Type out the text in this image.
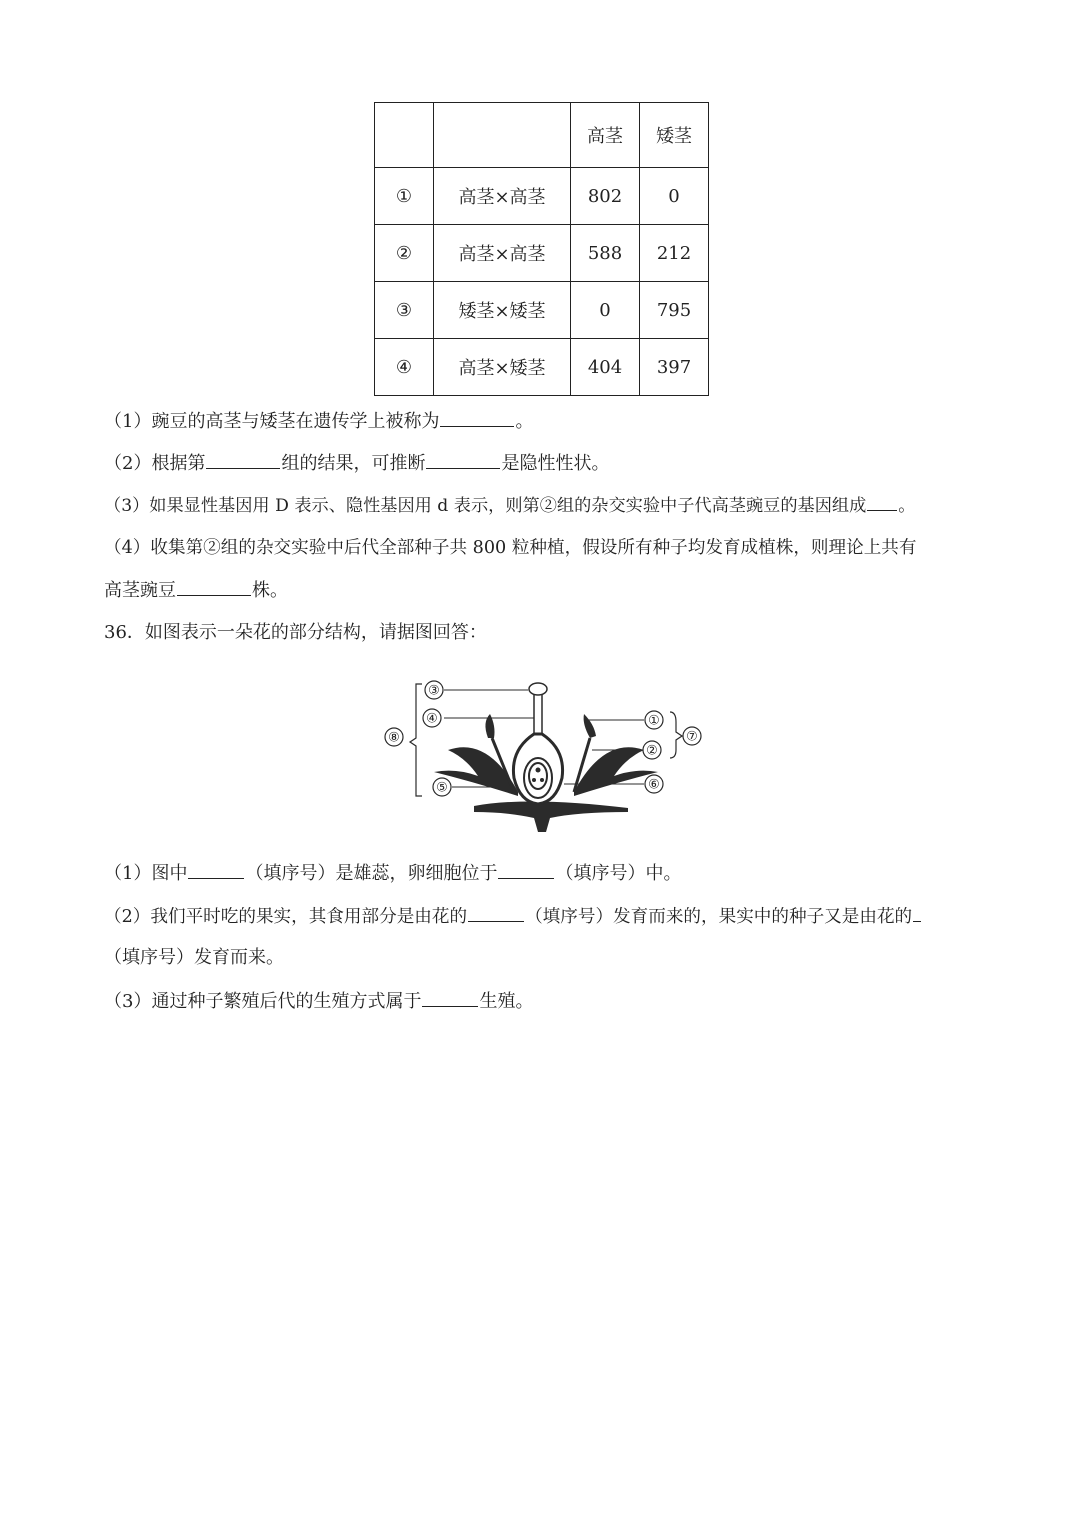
		高茎	矮茎
①	高茎×高茎	802	0
②	高茎×高茎	588	212
③	矮茎×矮茎	0	795
④	高茎×矮茎	404	397
（1）豌豆的高茎与矮茎在遗传学上被称为	。
（2）根据第	组的结果，可推断	是隐性性状。
（3）如果显性基因用 D 表示、隐性基因用 d 表示，则第②组的杂交实验中子代高茎豌豆的基因组成 。
（4）收集第②组的杂交实验中后代全部种子共 800 粒种植，假设所有种子均发育成植株，则理论上共有
高茎豌豆	株。
36．如图表示一朵花的部分结构，请据图回答：
③
④
⑧
⑤
①
②
⑦
⑥
（1）图中	（填序号）是雄蕊，卵细胞位于	（填序号）中。
（2）我们平时吃的果实，其食用部分是由花的	（填序号）发育而来的，果实中的种子又是由花的
（填序号）发育而来。
（3）通过种子繁殖后代的生殖方式属于	生殖。
